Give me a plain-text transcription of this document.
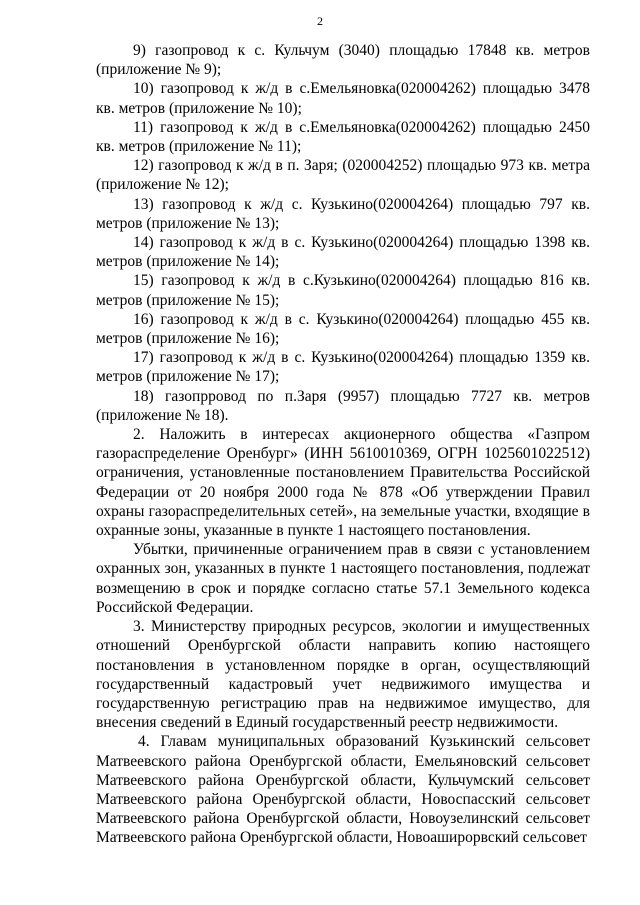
2

9) газопровод к с. Кульчум (3040) площадью 17848 кв. метров (приложение № 9);

10) газопровод к ж/д в с.Емельяновка(020004262) площадью 3478 кв. метров (приложение № 10);

11) газопровод к ж/д в с.Емельяновка(020004262) площадью 2450 кв. метров (приложение № 11);

12) газопровод к ж/д в п. Заря; (020004252) площадью 973 кв. метра (приложение № 12);

13) газопровод к ж/д с. Кузькино(020004264) площадью 797 кв. метров (приложение № 13);

14) газопровод к ж/д в с. Кузькино(020004264) площадью 1398 кв. метров (приложение № 14);

15) газопровод к ж/д в с.Кузькино(020004264) площадью 816 кв. метров (приложение № 15);

16) газопровод к ж/д в с. Кузькино(020004264) площадью 455 кв. метров (приложение № 16);

17) газопровод к ж/д в с. Кузькино(020004264) площадью 1359 кв. метров (приложение № 17);

18) газопрровод по п.Заря (9957) площадью 7727 кв. метров (приложение № 18).

2. Наложить в интересах акционерного общества «Газпром газораспределение Оренбург» (ИНН 5610010369, ОГРН 1025601022512) ограничения, установленные постановлением Правительства Российской Федерации от 20 ноября 2000 года № 878 «Об утверждении Правил охраны газораспределительных сетей», на земельные участки, входящие в охранные зоны, указанные в пункте 1 настоящего постановления.

Убытки, причиненные ограничением прав в связи с установлением охранных зон, указанных в пункте 1 настоящего постановления, подлежат возмещению в срок и порядке согласно статье 57.1 Земельного кодекса Российской Федерации.

3. Министерству природных ресурсов, экологии и имущественных отношений Оренбургской области направить копию настоящего постановления в установленном порядке в орган, осуществляющий государственный кадастровый учет недвижимого имущества и государственную регистрацию прав на недвижимое имущество, для внесения сведений в Единый государственный реестр недвижимости.

4. Главам муниципальных образований Кузькинский сельсовет Матвеевского района Оренбургской области, Емельяновский сельсовет Матвеевского района Оренбургской области, Кульчумский сельсовет Матвеевского района Оренбургской области, Новоспасский сельсовет Матвеевского района Оренбургской области, Новоузелинский сельсовет Матвеевского района Оренбургской области, Новоаширорвский сельсовет
